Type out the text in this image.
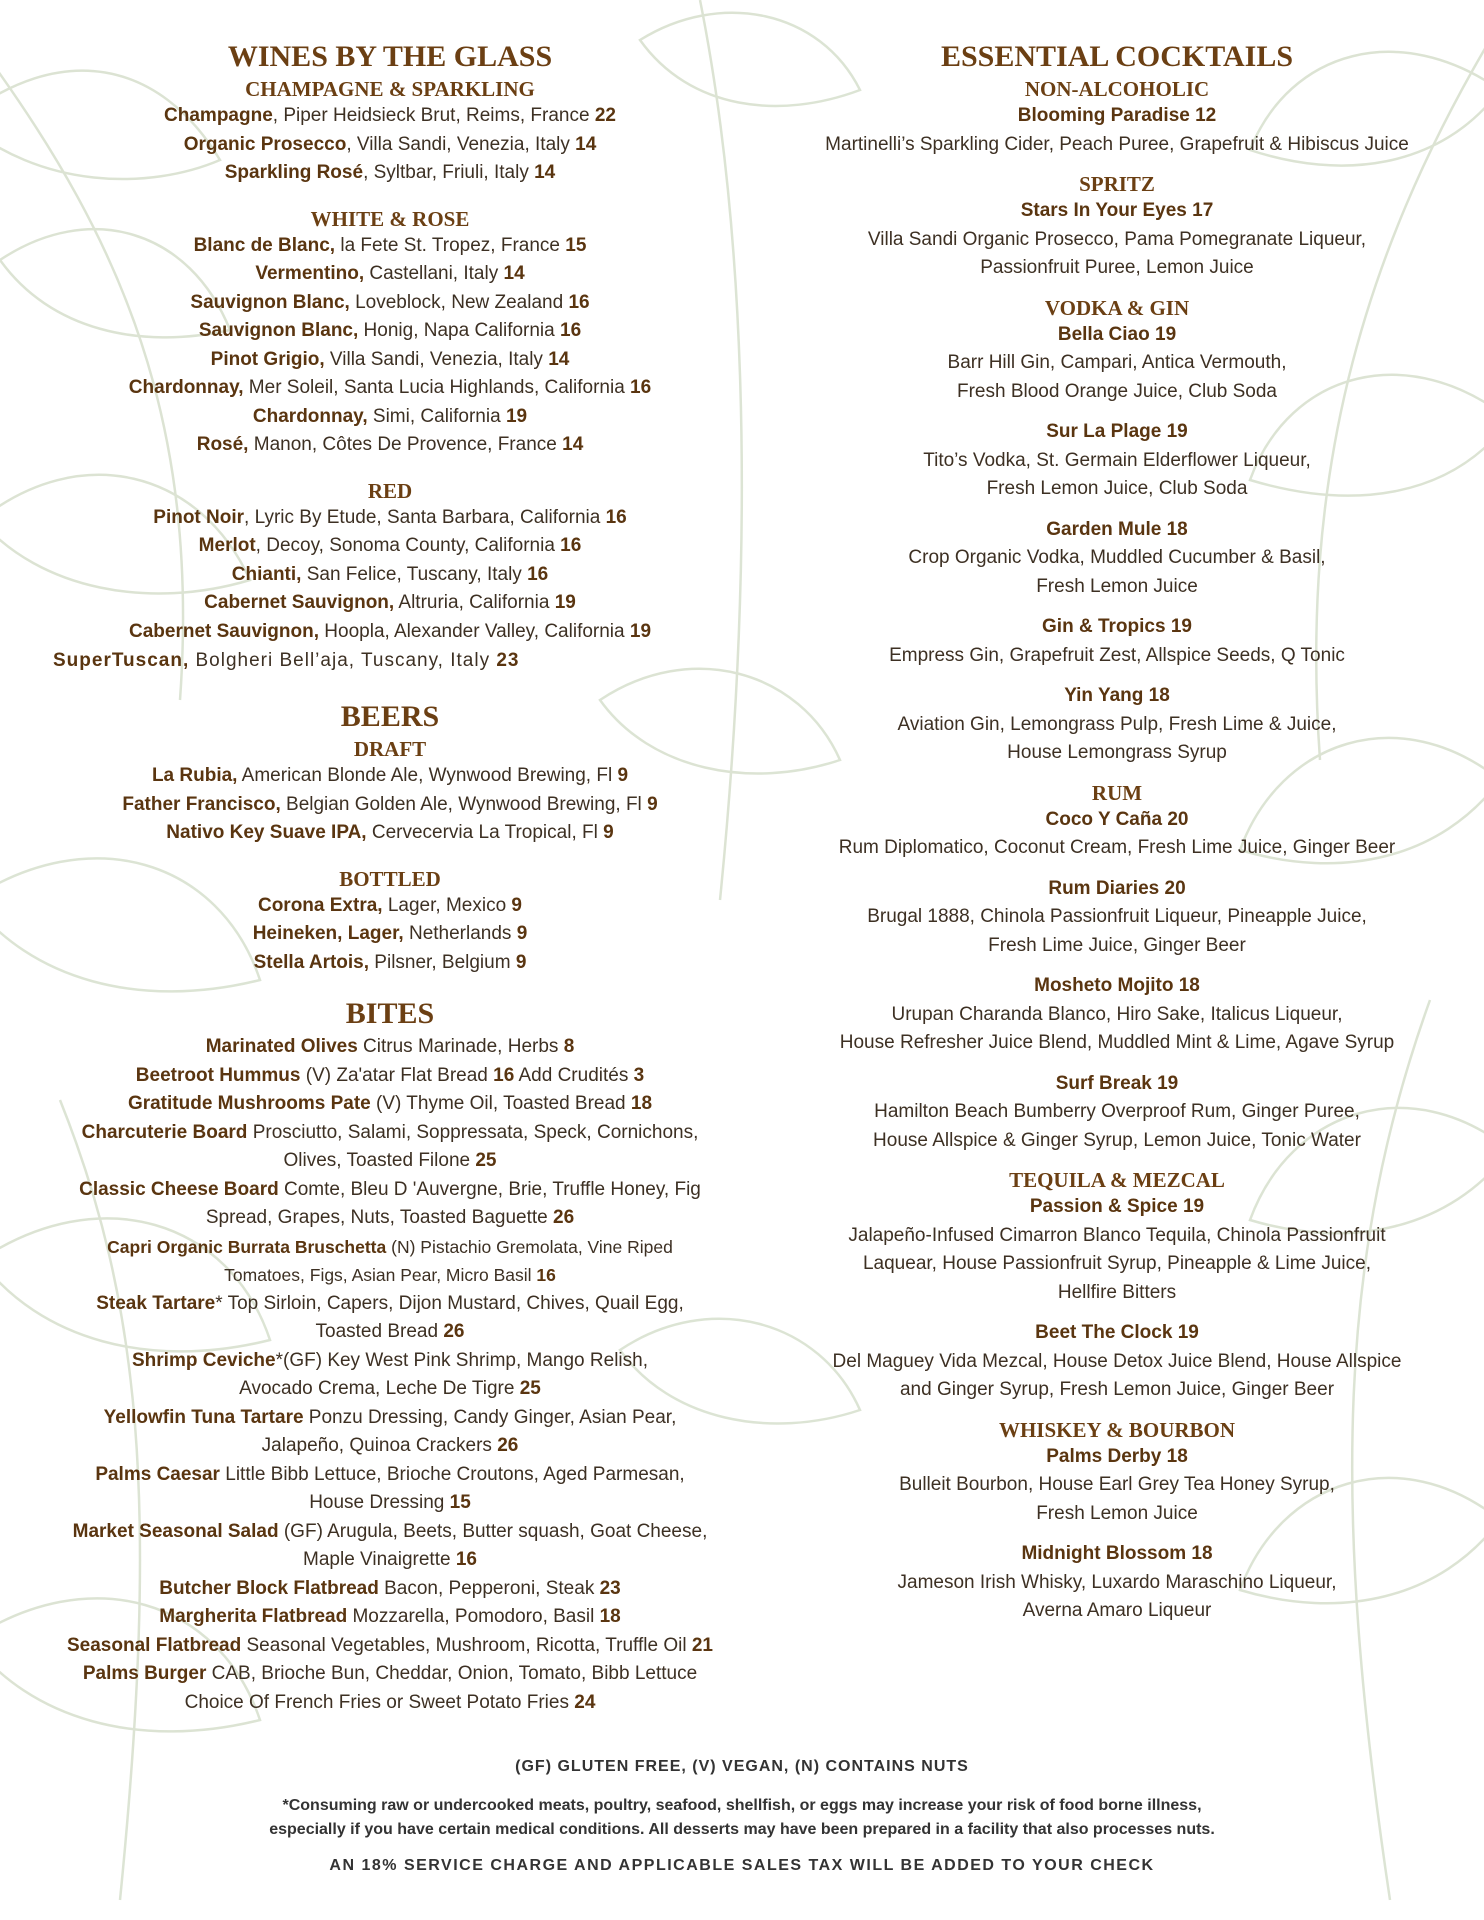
WINES BY THE GLASS
CHAMPAGNE & SPARKLING
Champagne, Piper Heidsieck Brut, Reims, France 22
Organic Prosecco, Villa Sandi, Venezia, Italy 14
Sparkling Rosé, Syltbar, Friuli, Italy 14
WHITE & ROSE
Blanc de Blanc, la Fete St. Tropez, France 15
Vermentino, Castellani, Italy 14
Sauvignon Blanc, Loveblock, New Zealand 16
Sauvignon Blanc, Honig, Napa California 16
Pinot Grigio, Villa Sandi, Venezia, Italy 14
Chardonnay, Mer Soleil, Santa Lucia Highlands, California 16
Chardonnay, Simi, California 19
Rosé, Manon, Côtes De Provence, France 14
RED
Pinot Noir, Lyric By Etude, Santa Barbara, California 16
Merlot, Decoy, Sonoma County, California 16
Chianti, San Felice, Tuscany, Italy 16
Cabernet Sauvignon, Altruria, California 19
Cabernet Sauvignon, Hoopla, Alexander Valley, California 19
SuperTuscan, Bolgheri Bell’aja, Tuscany, Italy 23
BEERS
DRAFT
La Rubia, American Blonde Ale, Wynwood Brewing, Fl 9
Father Francisco, Belgian Golden Ale, Wynwood Brewing, Fl 9
Nativo Key Suave IPA, Cervecervia La Tropical, Fl 9
BOTTLED
Corona Extra, Lager, Mexico 9
Heineken, Lager, Netherlands 9
Stella Artois, Pilsner, Belgium 9
BITES
Marinated Olives Citrus Marinade, Herbs 8
Beetroot Hummus (V) Za'atar Flat Bread 16 Add Crudités 3
Gratitude Mushrooms Pate (V) Thyme Oil, Toasted Bread 18
Charcuterie Board Prosciutto, Salami, Soppressata, Speck, Cornichons,
Olives, Toasted Filone 25
Classic Cheese Board Comte, Bleu D 'Auvergne, Brie, Truffle Honey, Fig
Spread, Grapes, Nuts, Toasted Baguette 26
Capri Organic Burrata Bruschetta (N) Pistachio Gremolata, Vine Riped
Tomatoes, Figs, Asian Pear, Micro Basil 16
Steak Tartare* Top Sirloin, Capers, Dijon Mustard, Chives, Quail Egg,
Toasted Bread 26
Shrimp Ceviche*(GF) Key West Pink Shrimp, Mango Relish,
Avocado Crema, Leche De Tigre 25
Yellowfin Tuna Tartare Ponzu Dressing, Candy Ginger, Asian Pear,
Jalapeño, Quinoa Crackers 26
Palms Caesar Little Bibb Lettuce, Brioche Croutons, Aged Parmesan,
House Dressing 15
Market Seasonal Salad (GF) Arugula, Beets, Butter squash, Goat Cheese,
Maple Vinaigrette 16
Butcher Block Flatbread Bacon, Pepperoni, Steak 23
Margherita Flatbread Mozzarella, Pomodoro, Basil 18
Seasonal Flatbread Seasonal Vegetables, Mushroom, Ricotta, Truffle Oil 21
Palms Burger CAB, Brioche Bun, Cheddar, Onion, Tomato, Bibb Lettuce
Choice Of French Fries or Sweet Potato Fries 24
ESSENTIAL COCKTAILS
NON-ALCOHOLIC
Blooming Paradise 12
Martinelli’s Sparkling Cider, Peach Puree, Grapefruit & Hibiscus Juice
SPRITZ
Stars In Your Eyes 17
Villa Sandi Organic Prosecco, Pama Pomegranate Liqueur,
Passionfruit Puree, Lemon Juice
VODKA & GIN
Bella Ciao 19
Barr Hill Gin, Campari, Antica Vermouth,
Fresh Blood Orange Juice, Club Soda
Sur La Plage 19
Tito’s Vodka, St. Germain Elderflower Liqueur,
Fresh Lemon Juice, Club Soda
Garden Mule 18
Crop Organic Vodka, Muddled Cucumber & Basil,
Fresh Lemon Juice
Gin & Tropics 19
Empress Gin, Grapefruit Zest, Allspice Seeds, Q Tonic
Yin Yang 18
Aviation Gin, Lemongrass Pulp, Fresh Lime & Juice,
House Lemongrass Syrup
RUM
Coco Y Caña 20
Rum Diplomatico, Coconut Cream, Fresh Lime Juice, Ginger Beer
Rum Diaries 20
Brugal 1888, Chinola Passionfruit Liqueur, Pineapple Juice,
Fresh Lime Juice, Ginger Beer
Mosheto Mojito 18
Urupan Charanda Blanco, Hiro Sake, Italicus Liqueur,
House Refresher Juice Blend, Muddled Mint & Lime, Agave Syrup
Surf Break 19
Hamilton Beach Bumberry Overproof Rum, Ginger Puree,
House Allspice & Ginger Syrup, Lemon Juice, Tonic Water
TEQUILA & MEZCAL
Passion & Spice 19
Jalapeño-Infused Cimarron Blanco Tequila, Chinola Passionfruit
Laquear, House Passionfruit Syrup, Pineapple & Lime Juice,
Hellfire Bitters
Beet The Clock 19
Del Maguey Vida Mezcal, House Detox Juice Blend, House Allspice
and Ginger Syrup, Fresh Lemon Juice, Ginger Beer
WHISKEY & BOURBON
Palms Derby 18
Bulleit Bourbon, House Earl Grey Tea Honey Syrup,
Fresh Lemon Juice
Midnight Blossom 18
Jameson Irish Whisky, Luxardo Maraschino Liqueur,
Averna Amaro Liqueur
(GF) GLUTEN FREE, (V) VEGAN, (N) CONTAINS NUTS
*Consuming raw or undercooked meats, poultry, seafood, shellfish, or eggs may increase your risk of food borne illness,
especially if you have certain medical conditions. All desserts may have been prepared in a facility that also processes nuts.
AN 18% SERVICE CHARGE AND APPLICABLE SALES TAX WILL BE ADDED TO YOUR CHECK
